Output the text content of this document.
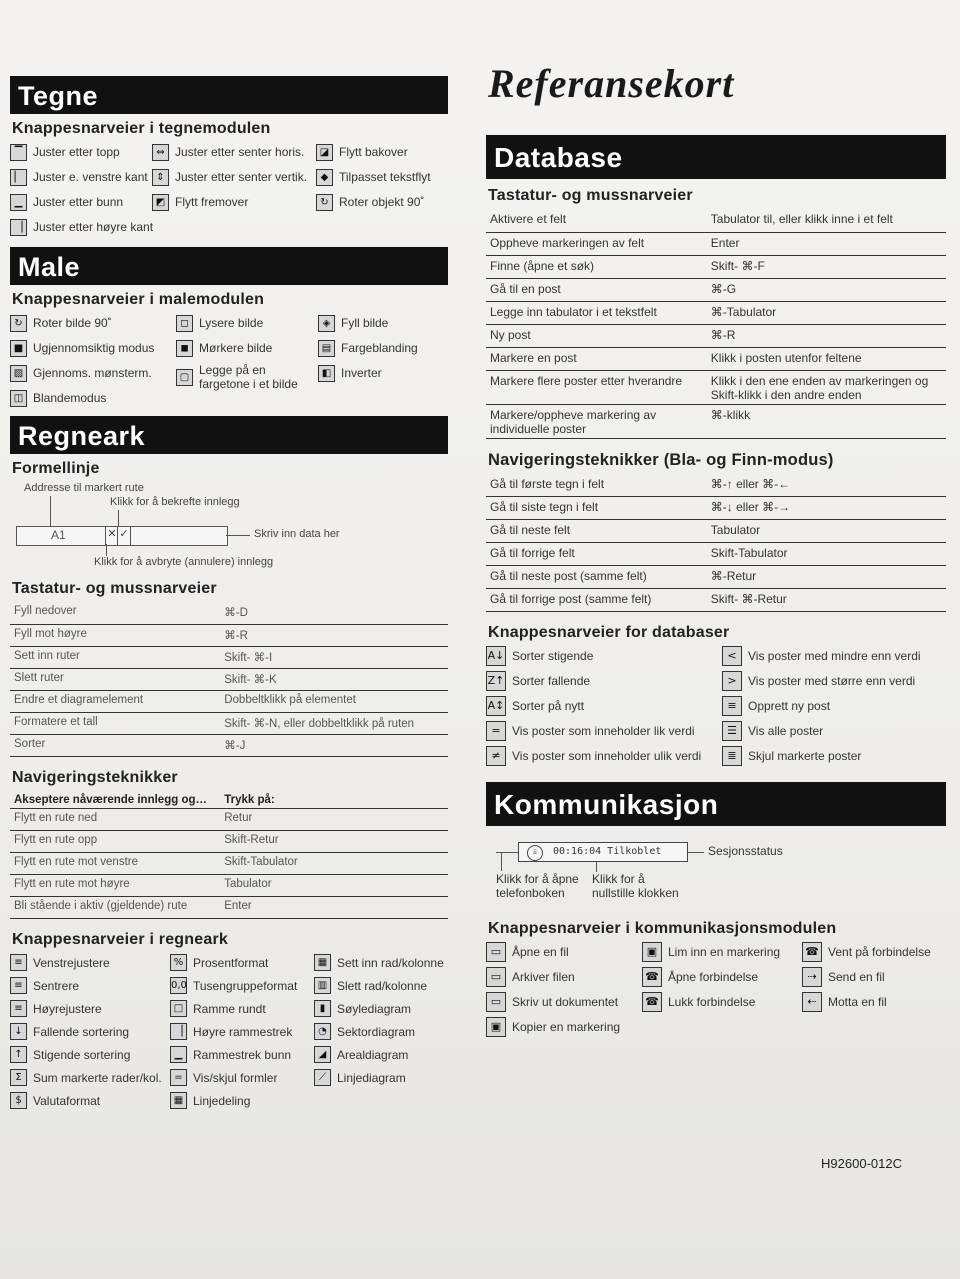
Tegne
Knappesnarveier i tegnemodulen
▔ Juster etter topp
▏ Juster e. venstre kant
▁ Juster etter bunn
▕ Juster etter høyre kant
⇔ Juster etter senter horis.
⇕ Juster etter senter vertik.
◩ Flytt fremover
◪ Flytt bakover
◆ Tilpasset tekstflyt
↻ Roter objekt 90˚
Male
Knappesnarveier i malemodulen
↻ Roter bilde 90˚
■ Ugjennomsiktig modus
▨ Gjennoms. mønsterm.
◫ Blandemodus
◻ Lysere bilde
◼ Mørkere bilde
▢ Legge på en fargetone i et bilde
◈ Fyll bilde
▤ Fargeblanding
◧ Inverter
Regneark
Formellinje
Addresse til markert rute
Klikk for å bekrefte innlegg
A1	✕ ✓	Skriv inn data her
Klikk for å avbryte (annulere) innlegg
Tastatur- og mussnarveier
Fyll nedover	⌘-D
Fyll mot høyre	⌘-R
Sett inn ruter	Skift- ⌘-I
Slett ruter	Skift- ⌘-K
Endre et diagramelement	Dobbeltklikk på elementet
Formatere et tall	Skift- ⌘-N, eller dobbeltklikk på ruten
Sorter	⌘-J
Navigeringsteknikker
Akseptere nåværende innlegg og…	Trykk på:
Flytt en rute ned	Retur
Flytt en rute opp	Skift-Retur
Flytt en rute mot venstre	Skift-Tabulator
Flytt en rute mot høyre	Tabulator
Bli stående i aktiv (gjeldende) rute	Enter
Knappesnarveier i regneark
≡ Venstrejustere
≡ Sentrere
≡ Høyrejustere
↓ Fallende sortering
↑ Stigende sortering
Σ Sum markerte rader/kol.
$ Valutaformat
% Prosentformat
0,0 Tusengruppeformat
□ Ramme rundt
▕ Høyre rammestrek
▁ Rammestrek bunn
= Vis/skjul formler
▦ Linjedeling
▦ Sett inn rad/kolonne
▥ Slett rad/kolonne
▮ Søylediagram
◔ Sektordiagram
◢ Arealdiagram
⟋ Linjediagram
Referansekort
Database
Tastatur- og mussnarveier
Aktivere et felt	Tabulator til, eller klikk inne i et felt
Oppheve markeringen av felt	Enter
Finne (åpne et søk)	Skift- ⌘-F
Gå til en post	⌘-G
Legge inn tabulator i et tekstfelt	⌘-Tabulator
Ny post	⌘-R
Markere en post	Klikk i posten utenfor feltene
Markere flere poster etter hverandre	Klikk i den ene enden av markeringen og Skift-klikk i den andre enden
Markere/oppheve markering av individuelle poster	⌘-klikk
Navigeringsteknikker (Bla- og Finn-modus)
Gå til første tegn i felt	⌘-↑ eller ⌘-←
Gå til siste tegn i felt	⌘-↓ eller ⌘-→
Gå til neste felt	Tabulator
Gå til forrige felt	Skift-Tabulator
Gå til neste post (samme felt)	⌘-Retur
Gå til forrige post (samme felt)	Skift- ⌘-Retur
Knappesnarveier for databaser
A↓ Sorter stigende
Z↑ Sorter fallende
A↕ Sorter på nytt
= Vis poster som inneholder lik verdi
≠ Vis poster som inneholder ulik verdi
< Vis poster med mindre enn verdi
> Vis poster med større enn verdi
≡ Opprett ny post
☰ Vis alle poster
≣ Skjul markerte poster
Kommunikasjon
☏	00:16:04 Tilkoblet	Sesjonsstatus
Klikk for å åpne telefonboken
Klikk for å nullstille klokken
Knappesnarveier i kommunikasjonsmodulen
▭ Åpne en fil
▭ Arkiver filen
▭ Skriv ut dokumentet
▣ Kopier en markering
▣ Lim inn en markering
☎ Åpne forbindelse
☎ Lukk forbindelse
☎ Vent på forbindelse
⇢ Send en fil
⇠ Motta en fil
H92600-012C
